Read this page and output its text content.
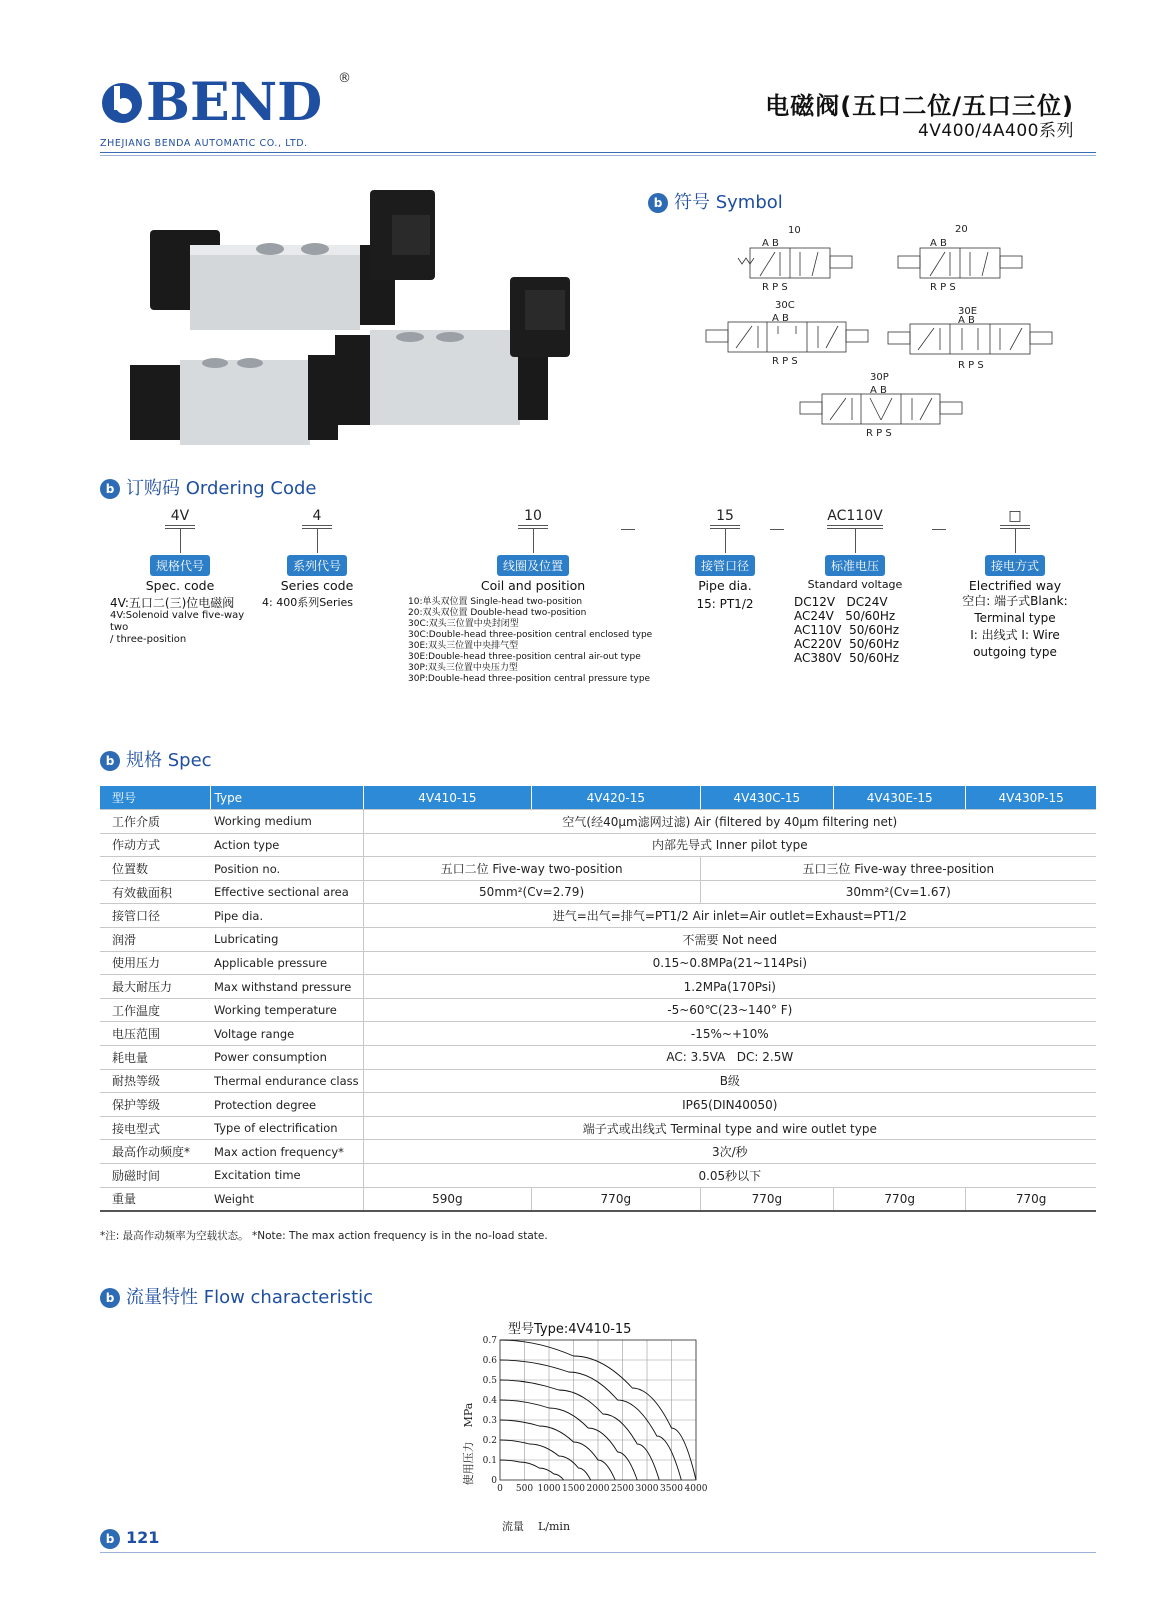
BEND ®
ZHEJIANG BENDA AUTOMATIC CO., LTD.
电磁阀(五口二位/五口三位)
4V400/4A400系列
b 符号 Symbol
10	20
30C
30E
30P
A B	A B
A B	A B
A B
R P S	R P S
R P S	R P S
R P S
b 订购码 Ordering Code
4V
规格代号
Spec. code
4V:五口二(三)位电磁阀
4V:Solenoid valve five-way two
/ three-position
4
系列代号
Series code
4: 400系列Series
10
线圈及位置
Coil and position
10:单头双位置 Single-head two-position
20:双头双位置 Double-head two-position
30C:双头三位置中央封闭型
30C:Double-head three-position central enclosed type
30E:双头三位置中央排气型
30E:Double-head three-position central air-out type
30P:双头三位置中央压力型
30P:Double-head three-position central pressure type
15
接管口径
Pipe dia.
15: PT1/2
AC110V
标准电压
Standard voltage
DC12V   DC24V
AC24V   50/60Hz
AC110V  50/60Hz
AC220V  50/60Hz
AC380V  50/60Hz
□
接电方式
Electrified way
空白: 端子式Blank:
Terminal type
I: 出线式 I: Wire
outgoing type
b 规格 Spec
型号	Type	4V410-15	4V420-15	4V430C-15	4V430E-15	4V430P-15
工作介质	Working medium	空气(经40μm滤网过滤) Air (filtered by 40μm filtering net)				
作动方式	Action type	内部先导式 Inner pilot type				
位置数	Position no.	五口二位 Five-way two-position		五口三位 Five-way three-position		
有效截面积	Effective sectional area	50mm²(Cv=2.79)		30mm²(Cv=1.67)		
接管口径	Pipe dia.	进气=出气=排气=PT1/2 Air inlet=Air outlet=Exhaust=PT1/2				
润滑	Lubricating	不需要 Not need				
使用压力	Applicable pressure	0.15~0.8MPa(21~114Psi)				
最大耐压力	Max withstand pressure	1.2MPa(170Psi)				
工作温度	Working temperature	-5~60℃(23~140° F)				
电压范围	Voltage range	-15%~+10%				
耗电量	Power consumption	AC: 3.5VA   DC: 2.5W				
耐热等级	Thermal endurance class	B级				
保护等级	Protection degree	IP65(DIN40050)				
接电型式	Type of electrification	端子式或出线式 Terminal type and wire outlet type				
最高作动频度*	Max action frequency*	3次/秒				
励磁时间	Excitation time	0.05秒以下				
重量	Weight	590g	770g	770g	770g	770g
*注: 最高作动频率为空载状态。 *Note: The max action frequency is in the no-load state.
b 流量特性 Flow characteristic
型号Type:4V410-15
0 500 1000 1500 2000 2500 3000 3500 4000
0
0.1
0.2
0.3
0.4
0.5
0.6
0.7
使用压力    MPa
流量    L/min
b 121
